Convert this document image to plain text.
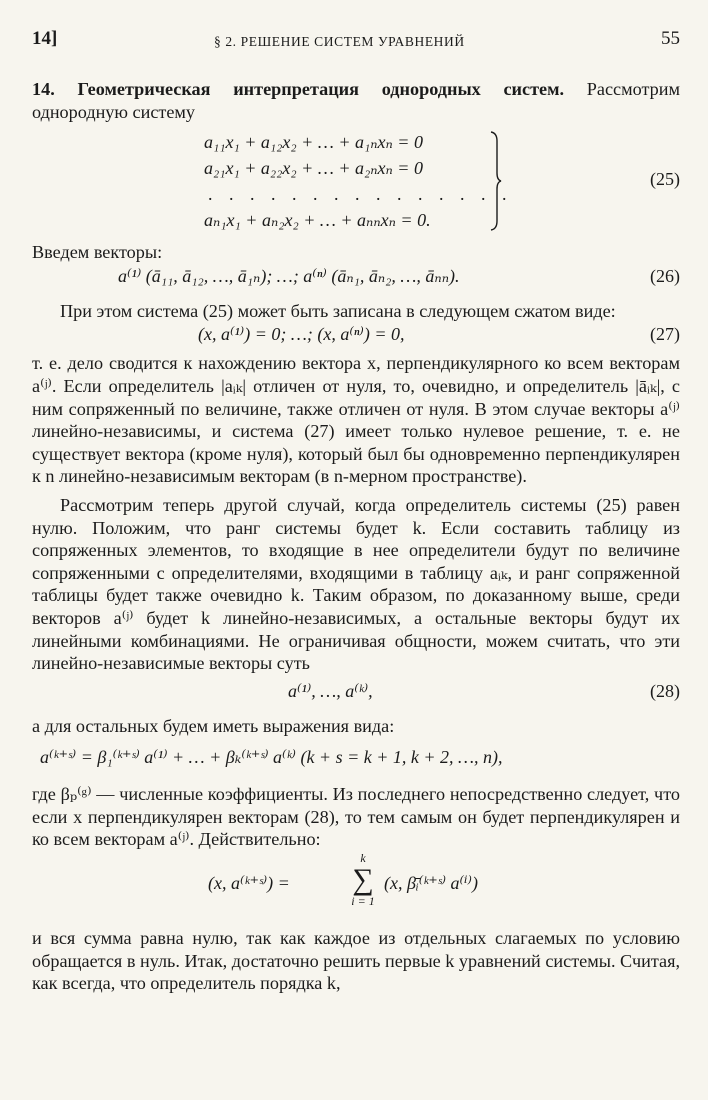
14]	§ 2. РЕШЕНИЕ СИСТЕМ УРАВНЕНИЙ	55

14. Геометрическая интерпретация однородных систем. Рассмотрим однородную систему

a₁₁x₁ + a₁₂x₂ + … + a₁ₙxₙ = 0
a₂₁x₁ + a₂₂x₂ + … + a₂ₙxₙ = 0
. . . . . . . . . . . . . . .
aₙ₁x₁ + aₙ₂x₂ + … + aₙₙxₙ = 0.
(25)

Введем векторы:

a⁽¹⁾ (ā₁₁, ā₁₂, …, ā₁ₙ); …; a⁽ⁿ⁾ (āₙ₁, āₙ₂, …, āₙₙ).	(26)

При этом система (25) может быть записана в следующем сжатом виде:

(x, a⁽¹⁾) = 0; …; (x, a⁽ⁿ⁾) = 0,	(27)

т. е. дело сводится к нахождению вектора x, перпендикулярного ко всем векторам a⁽ʲ⁾. Если определитель |aᵢₖ| отличен от нуля, то, очевидно, и определитель |āᵢₖ|, с ним сопряженный по величине, также отличен от нуля. В этом случае векторы a⁽ʲ⁾ линейно-независимы, и система (27) имеет только нулевое решение, т. е. не существует вектора (кроме нуля), который был бы одновременно перпендикулярен к n линейно-независимым векторам (в n-мерном пространстве).

Рассмотрим теперь другой случай, когда определитель системы (25) равен нулю. Положим, что ранг системы будет k. Если составить таблицу из сопряженных элементов, то входящие в нее определители будут по величине сопряженными с определителями, входящими в таблицу aᵢₖ, и ранг сопряженной таблицы будет также очевидно k. Таким образом, по доказанному выше, среди векторов a⁽ʲ⁾ будет k линейно-независимых, а остальные векторы будут их линейными комбинациями. Не ограничивая общности, можем считать, что эти линейно-независимые векторы суть

a⁽¹⁾, …, a⁽ᵏ⁾,	(28)

а для остальных будем иметь выражения вида:

a⁽ᵏ⁺ˢ⁾ = β₁⁽ᵏ⁺ˢ⁾ a⁽¹⁾ + … + βₖ⁽ᵏ⁺ˢ⁾ a⁽ᵏ⁾ (k + s = k + 1, k + 2, …, n),

где βₚ⁽ᵍ⁾ — численные коэффициенты. Из последнего непосредственно следует, что если x перпендикулярен векторам (28), то тем самым он будет перпендикулярен и ко всем векторам a⁽ʲ⁾. Действительно:

(x, a⁽ᵏ⁺ˢ⁾) =
k
∑
i = 1
(x, β̄ᵢ⁽ᵏ⁺ˢ⁾ a⁽ⁱ⁾)

и вся сумма равна нулю, так как каждое из отдельных слагаемых по условию обращается в нуль. Итак, достаточно решить первые k уравнений системы. Считая, как всегда, что определитель порядка k,
